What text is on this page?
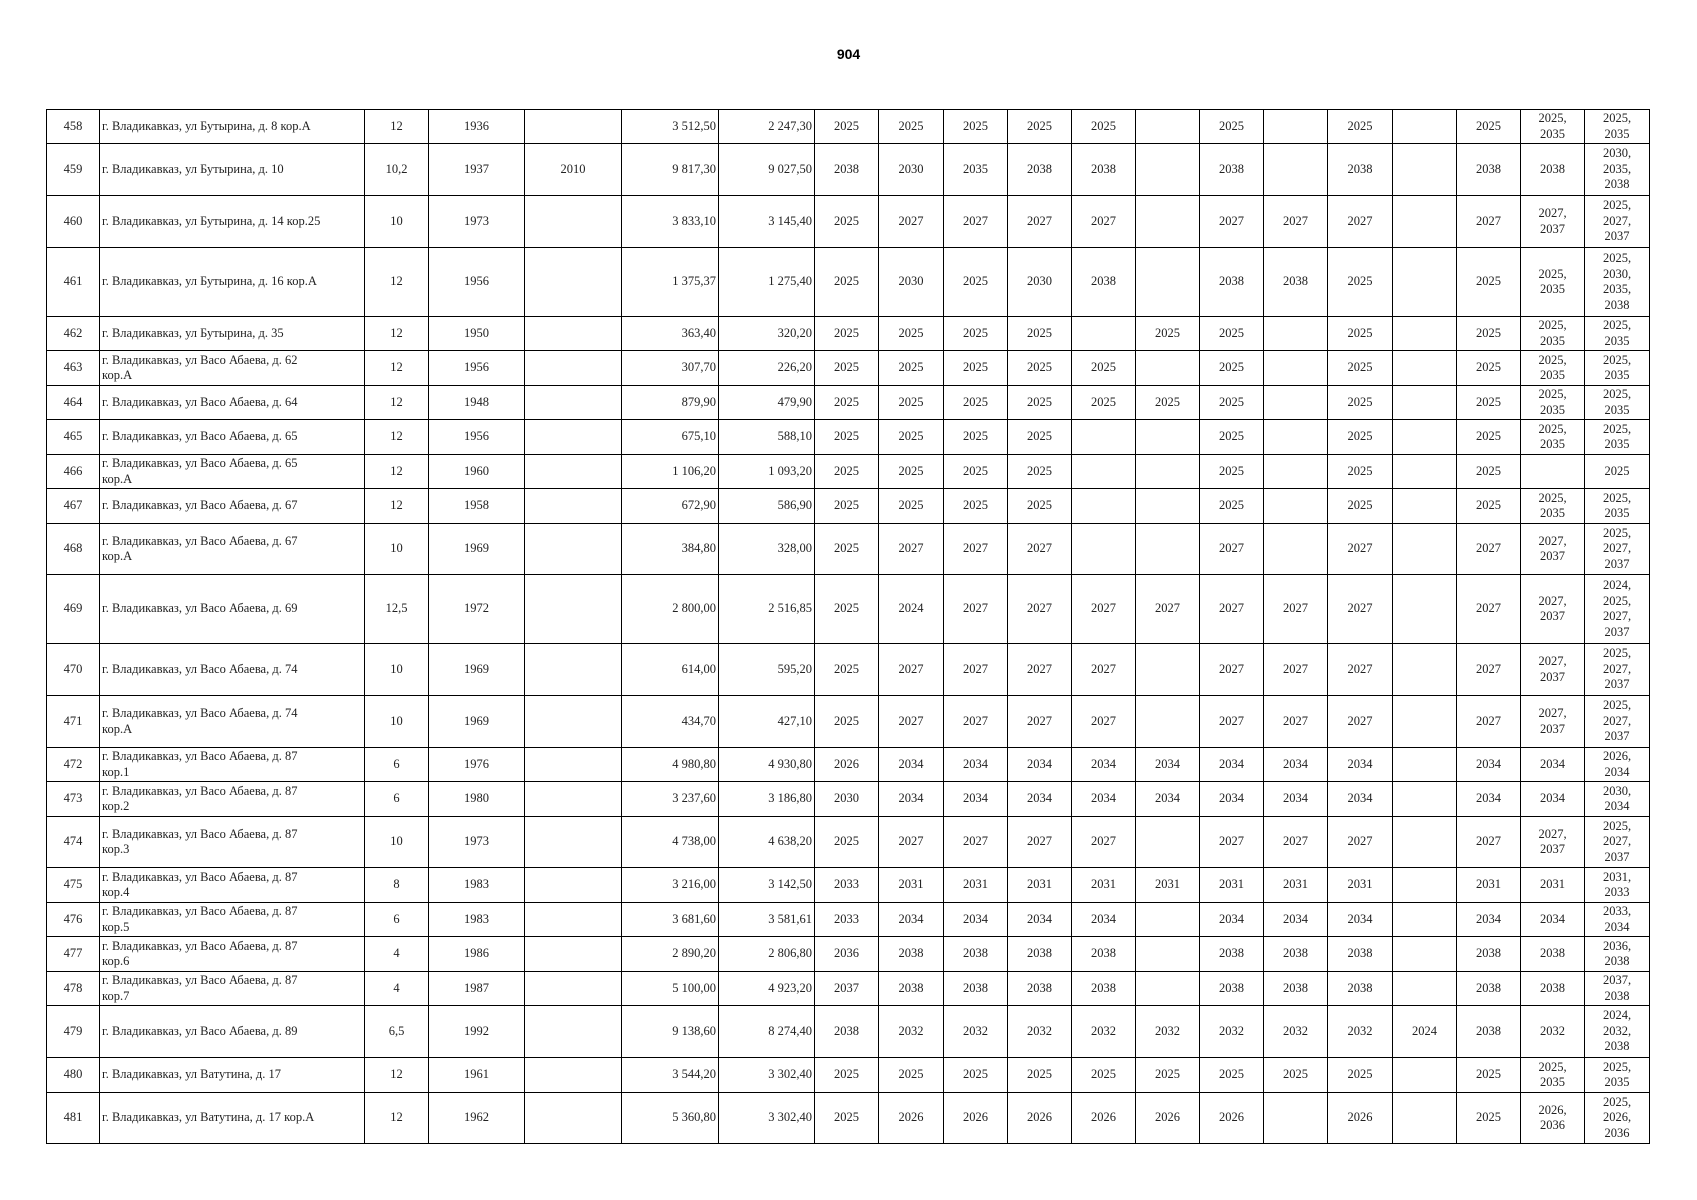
904
458	г. Владикавказ, ул Бутырина, д. 8 кор.А	12	1936		3 512,50	2 247,30	2025	2025	2025	2025	2025		2025		2025		2025	2025,
2035	2025,
2035
459	г. Владикавказ, ул Бутырина, д. 10	10,2	1937	2010	9 817,30	9 027,50	2038	2030	2035	2038	2038		2038		2038		2038	2038	2030,
2035,
2038
460	г. Владикавказ, ул Бутырина, д. 14 кор.25	10	1973		3 833,10	3 145,40	2025	2027	2027	2027	2027		2027	2027	2027		2027	2027,
2037	2025,
2027,
2037
461	г. Владикавказ, ул Бутырина, д. 16 кор.А	12	1956		1 375,37	1 275,40	2025	2030	2025	2030	2038		2038	2038	2025		2025	2025,
2035	2025,
2030,
2035,
2038
462	г. Владикавказ, ул Бутырина, д. 35	12	1950		363,40	320,20	2025	2025	2025	2025		2025	2025		2025		2025	2025,
2035	2025,
2035
463	г. Владикавказ, ул Васо Абаева, д. 62
кор.А	12	1956		307,70	226,20	2025	2025	2025	2025	2025		2025		2025		2025	2025,
2035	2025,
2035
464	г. Владикавказ, ул Васо Абаева, д. 64	12	1948		879,90	479,90	2025	2025	2025	2025	2025	2025	2025		2025		2025	2025,
2035	2025,
2035
465	г. Владикавказ, ул Васо Абаева, д. 65	12	1956		675,10	588,10	2025	2025	2025	2025			2025		2025		2025	2025,
2035	2025,
2035
466	г. Владикавказ, ул Васо Абаева, д. 65
кор.А	12	1960		1 106,20	1 093,20	2025	2025	2025	2025			2025		2025		2025		2025
467	г. Владикавказ, ул Васо Абаева, д. 67	12	1958		672,90	586,90	2025	2025	2025	2025			2025		2025		2025	2025,
2035	2025,
2035
468	г. Владикавказ, ул Васо Абаева, д. 67
кор.А	10	1969		384,80	328,00	2025	2027	2027	2027			2027		2027		2027	2027,
2037	2025,
2027,
2037
469	г. Владикавказ, ул Васо Абаева, д. 69	12,5	1972		2 800,00	2 516,85	2025	2024	2027	2027	2027	2027	2027	2027	2027		2027	2027,
2037	2024,
2025,
2027,
2037
470	г. Владикавказ, ул Васо Абаева, д. 74	10	1969		614,00	595,20	2025	2027	2027	2027	2027		2027	2027	2027		2027	2027,
2037	2025,
2027,
2037
471	г. Владикавказ, ул Васо Абаева, д. 74
кор.А	10	1969		434,70	427,10	2025	2027	2027	2027	2027		2027	2027	2027		2027	2027,
2037	2025,
2027,
2037
472	г. Владикавказ, ул Васо Абаева, д. 87
кор.1	6	1976		4 980,80	4 930,80	2026	2034	2034	2034	2034	2034	2034	2034	2034		2034	2034	2026,
2034
473	г. Владикавказ, ул Васо Абаева, д. 87
кор.2	6	1980		3 237,60	3 186,80	2030	2034	2034	2034	2034	2034	2034	2034	2034		2034	2034	2030,
2034
474	г. Владикавказ, ул Васо Абаева, д. 87
кор.3	10	1973		4 738,00	4 638,20	2025	2027	2027	2027	2027		2027	2027	2027		2027	2027,
2037	2025,
2027,
2037
475	г. Владикавказ, ул Васо Абаева, д. 87
кор.4	8	1983		3 216,00	3 142,50	2033	2031	2031	2031	2031	2031	2031	2031	2031		2031	2031	2031,
2033
476	г. Владикавказ, ул Васо Абаева, д. 87
кор.5	6	1983		3 681,60	3 581,61	2033	2034	2034	2034	2034		2034	2034	2034		2034	2034	2033,
2034
477	г. Владикавказ, ул Васо Абаева, д. 87
кор.6	4	1986		2 890,20	2 806,80	2036	2038	2038	2038	2038		2038	2038	2038		2038	2038	2036,
2038
478	г. Владикавказ, ул Васо Абаева, д. 87
кор.7	4	1987		5 100,00	4 923,20	2037	2038	2038	2038	2038		2038	2038	2038		2038	2038	2037,
2038
479	г. Владикавказ, ул Васо Абаева, д. 89	6,5	1992		9 138,60	8 274,40	2038	2032	2032	2032	2032	2032	2032	2032	2032	2024	2038	2032	2024,
2032,
2038
480	г. Владикавказ, ул Ватутина, д. 17	12	1961		3 544,20	3 302,40	2025	2025	2025	2025	2025	2025	2025	2025	2025		2025	2025,
2035	2025,
2035
481	г. Владикавказ, ул Ватутина, д. 17 кор.А	12	1962		5 360,80	3 302,40	2025	2026	2026	2026	2026	2026	2026		2026		2025	2026,
2036	2025,
2026,
2036
